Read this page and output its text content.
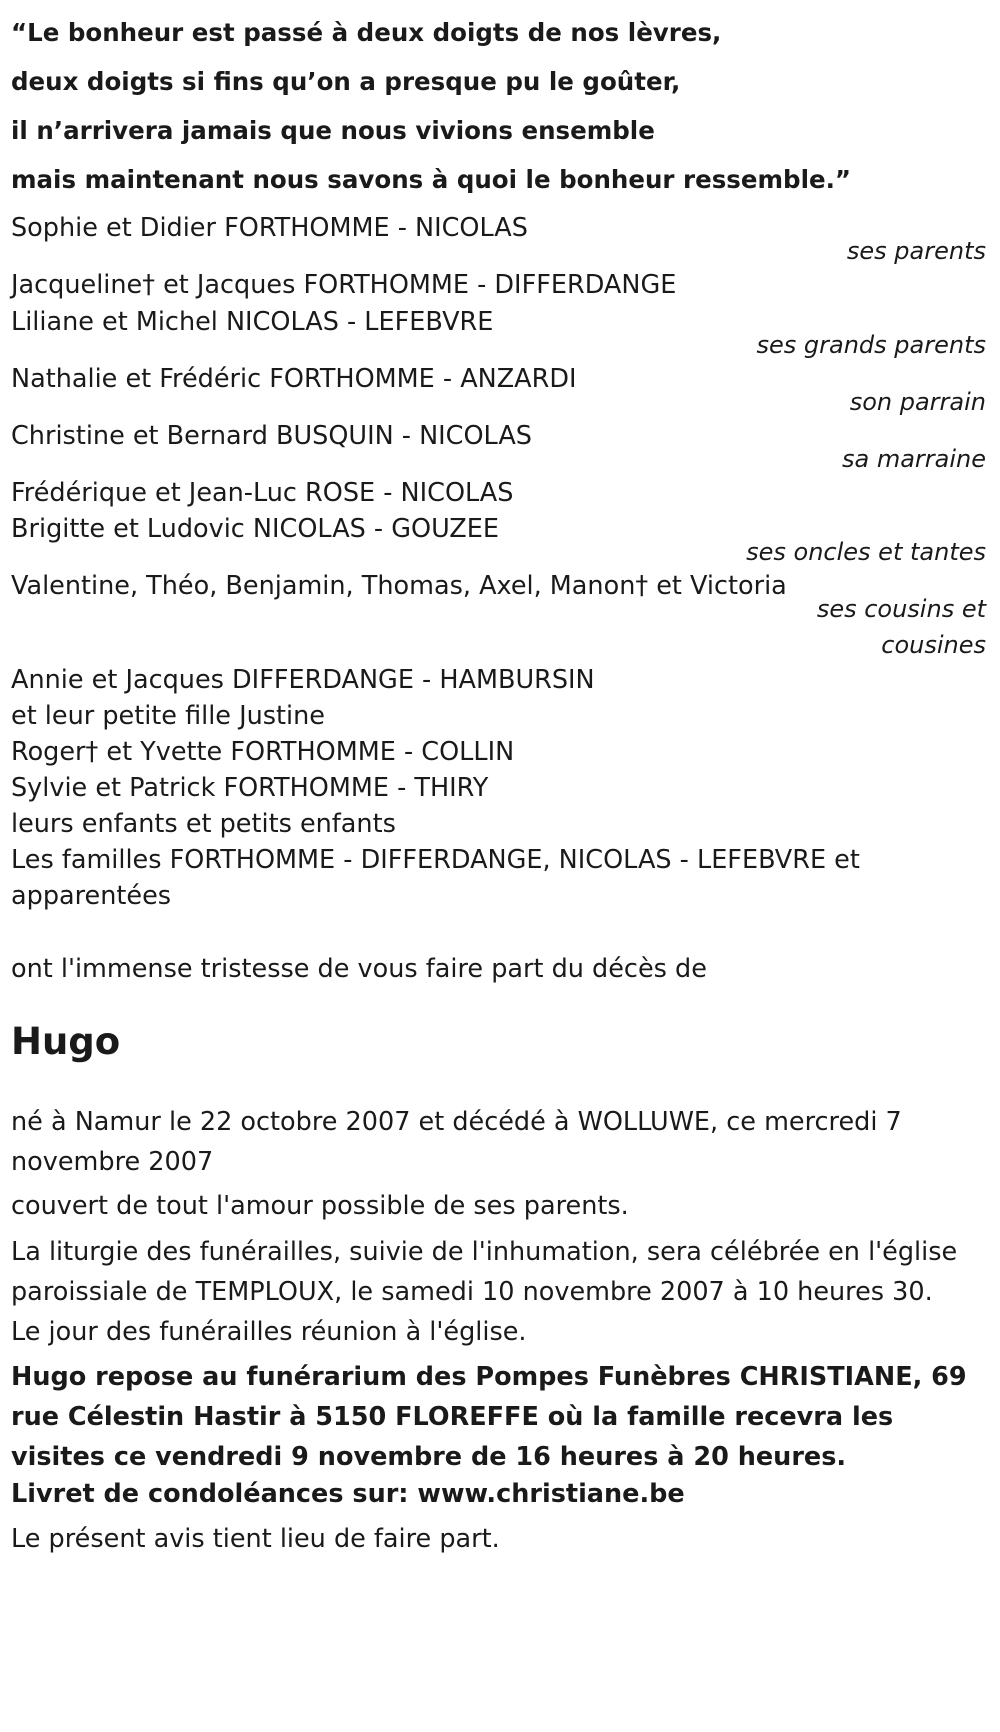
“Le bonheur est passé à deux doigts de nos lèvres,
deux doigts si fins qu’on a presque pu le goûter,
il n’arrivera jamais que nous vivions ensemble
mais maintenant nous savons à quoi le bonheur ressemble.”
Sophie et Didier FORTHOMME - NICOLAS
ses parents
Jacqueline† et Jacques FORTHOMME - DIFFERDANGE
Liliane et Michel NICOLAS - LEFEBVRE
ses grands parents
Nathalie et Frédéric FORTHOMME - ANZARDI
son parrain
Christine et Bernard BUSQUIN - NICOLAS
sa marraine
Frédérique et Jean-Luc ROSE - NICOLAS
Brigitte et Ludovic NICOLAS - GOUZEE
ses oncles et tantes
Valentine, Théo, Benjamin, Thomas, Axel, Manon† et Victoria
ses cousins et
cousines
Annie et Jacques DIFFERDANGE - HAMBURSIN
et leur petite fille Justine
Roger† et Yvette FORTHOMME - COLLIN
Sylvie et Patrick FORTHOMME - THIRY
leurs enfants et petits enfants
Les familles FORTHOMME - DIFFERDANGE, NICOLAS - LEFEBVRE et
apparentées
ont l'immense tristesse de vous faire part du décès de
Hugo
né à Namur le 22 octobre 2007 et décédé à WOLLUWE, ce mercredi 7 novembre 2007
couvert de tout l'amour possible de ses parents.
La liturgie des funérailles, suivie de l'inhumation, sera célébrée en l'église paroissiale de TEMPLOUX, le samedi 10 novembre 2007 à 10 heures 30.
Le jour des funérailles réunion à l'église.
Hugo repose au funérarium des Pompes Funèbres CHRISTIANE, 69 rue Célestin Hastir à 5150 FLOREFFE où la famille recevra les visites ce vendredi 9 novembre de 16 heures à 20 heures.
Livret de condoléances sur: www.christiane.be
Le présent avis tient lieu de faire part.
